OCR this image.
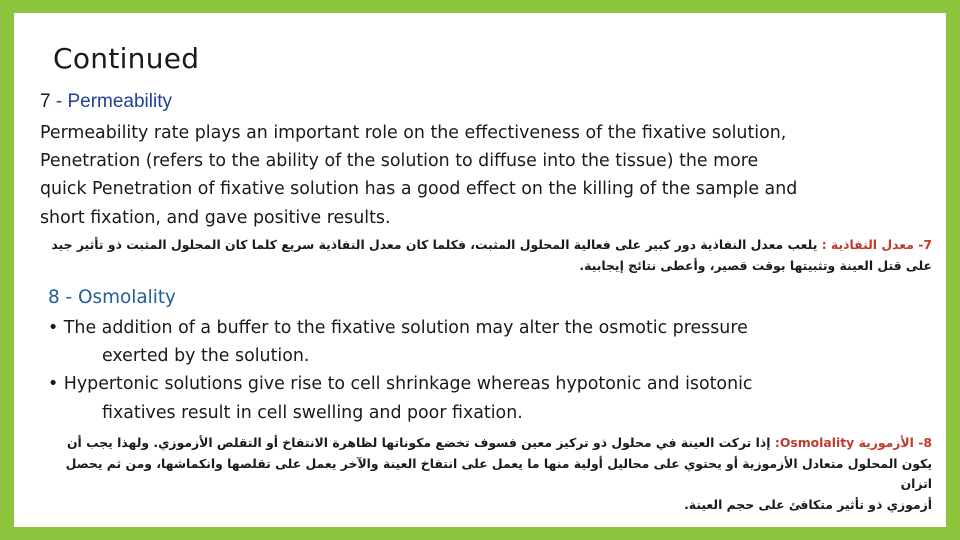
Continued
7 - Permeability

Permeability rate plays an important role on the effectiveness of the fixative solution,
Penetration (refers to the ability of the solution to diffuse into the tissue) the more
quick Penetration of fixative solution has a good effect on the killing of the sample and
short fixation, and gave positive results.

7- معدل النفاذية : يلعب معدل النفاذية دور كبير على فعالية المحلول المثبت، فكلما كان معدل النفاذية سريع كلما كان المحلول المثبت ذو تأثير جيد
على قتل العينة وتثبيتها بوقت قصير، وأعطى نتائج إيجابية.

8 - Osmolality
• The addition of a buffer to the fixative solution may alter the osmotic pressure
exerted by the solution.
• Hypertonic solutions give rise to cell shrinkage whereas hypotonic and isotonic
fixatives result in cell swelling and poor fixation.

8- الأزموزية Osmolality: إذا تركت العينة في محلول ذو تركيز معين فسوف تخضع مكوناتها لظاهرة الانتفاخ أو التقلص الأزموزي. ولهذا يجب أن
يكون المحلول متعادل الأزموزية أو يحتوي على محاليل أولية منها ما يعمل على انتفاخ العينة والآخر يعمل على تقلصها وانكماشها، ومن ثم يحصل اتزان
أزموزي ذو تأثير متكافئ على حجم العينة.
